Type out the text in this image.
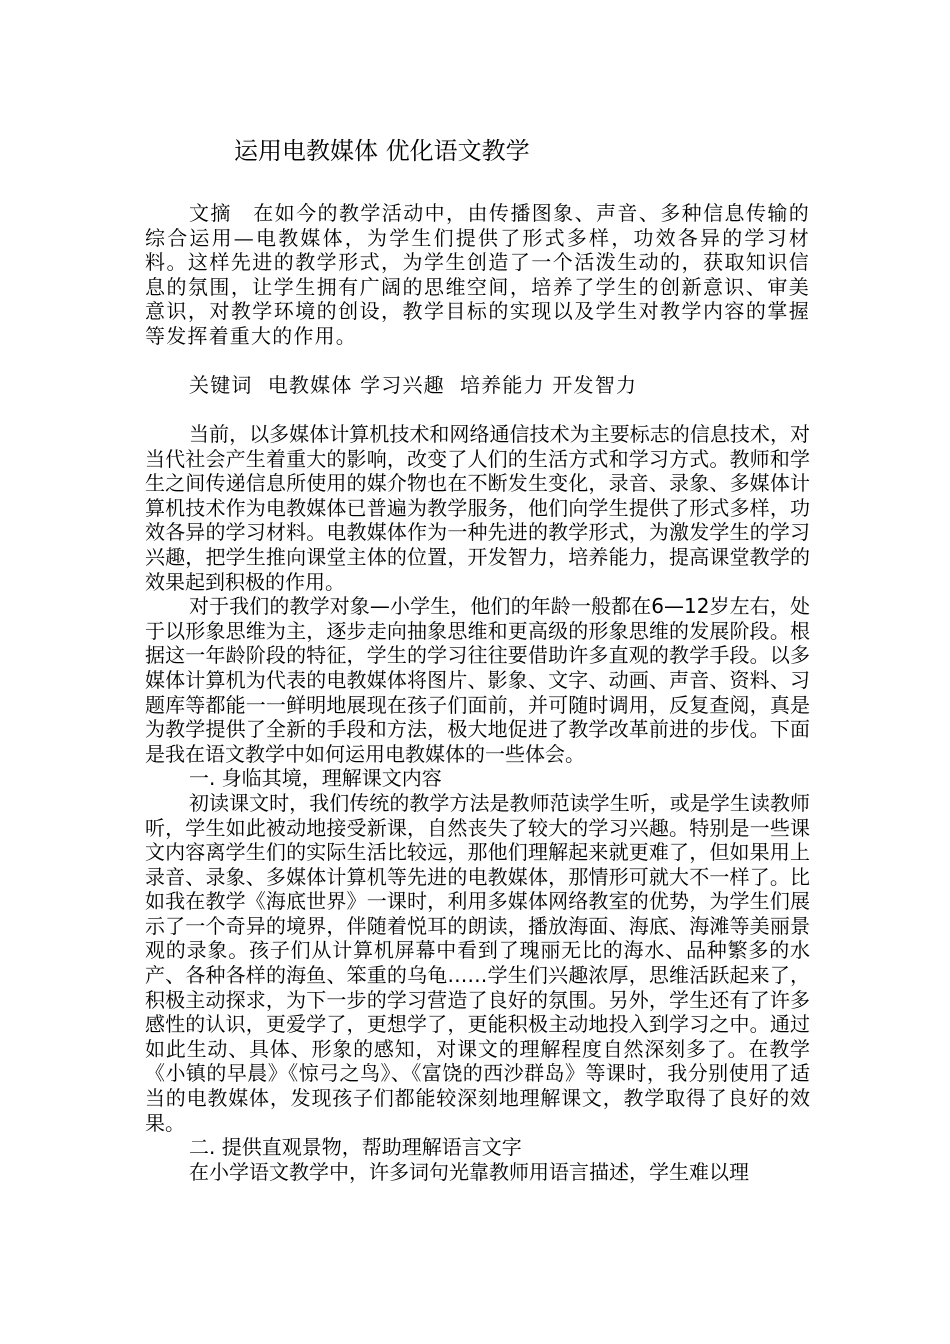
运用电教媒体 优化语文教学

文摘　在如今的教学活动中，由传播图象、声音、多种信息传输的综合运用—电教媒体，为学生们提供了形式多样，功效各异的学习材料。这样先进的教学形式，为学生创造了一个活泼生动的，获取知识信息的氛围，让学生拥有广阔的思维空间，培养了学生的创新意识、审美意识，对教学环境的创设，教学目标的实现以及学生对教学内容的掌握等发挥着重大的作用。

关键词  电教媒体 学习兴趣  培养能力 开发智力

当前，以多媒体计算机技术和网络通信技术为主要标志的信息技术，对当代社会产生着重大的影响，改变了人们的生活方式和学习方式。教师和学生之间传递信息所使用的媒介物也在不断发生变化，录音、录象、多媒体计算机技术作为电教媒体已普遍为教学服务，他们向学生提供了形式多样，功效各异的学习材料。电教媒体作为一种先进的教学形式，为激发学生的学习兴趣，把学生推向课堂主体的位置，开发智力，培养能力，提高课堂教学的效果起到积极的作用。

对于我们的教学对象—小学生，他们的年龄一般都在6—12岁左右，处于以形象思维为主，逐步走向抽象思维和更高级的形象思维的发展阶段。根据这一年龄阶段的特征，学生的学习往往要借助许多直观的教学手段。以多媒体计算机为代表的电教媒体将图片、影象、文字、动画、声音、资料、习题库等都能一一鲜明地展现在孩子们面前，并可随时调用，反复查阅，真是为教学提供了全新的手段和方法，极大地促进了教学改革前进的步伐。下面是我在语文教学中如何运用电教媒体的一些体会。

一. 身临其境，理解课文内容

初读课文时，我们传统的教学方法是教师范读学生听，或是学生读教师听，学生如此被动地接受新课，自然丧失了较大的学习兴趣。特别是一些课文内容离学生们的实际生活比较远，那他们理解起来就更难了，但如果用上录音、录象、多媒体计算机等先进的电教媒体，那情形可就大不一样了。比如我在教学《海底世界》一课时，利用多媒体网络教室的优势，为学生们展示了一个奇异的境界，伴随着悦耳的朗读，播放海面、海底、海滩等美丽景观的录象。孩子们从计算机屏幕中看到了瑰丽无比的海水、品种繁多的水产、各种各样的海鱼、笨重的乌龟……学生们兴趣浓厚，思维活跃起来了，积极主动探求，为下一步的学习营造了良好的氛围。另外，学生还有了许多感性的认识，更爱学了，更想学了，更能积极主动地投入到学习之中。通过如此生动、具体、形象的感知，对课文的理解程度自然深刻多了。在教学《小镇的早晨》《惊弓之鸟》、《富饶的西沙群岛》等课时，我分别使用了适当的电教媒体，发现孩子们都能较深刻地理解课文，教学取得了良好的效果。

二. 提供直观景物，帮助理解语言文字

在小学语文教学中，许多词句光靠教师用语言描述，学生难以理
